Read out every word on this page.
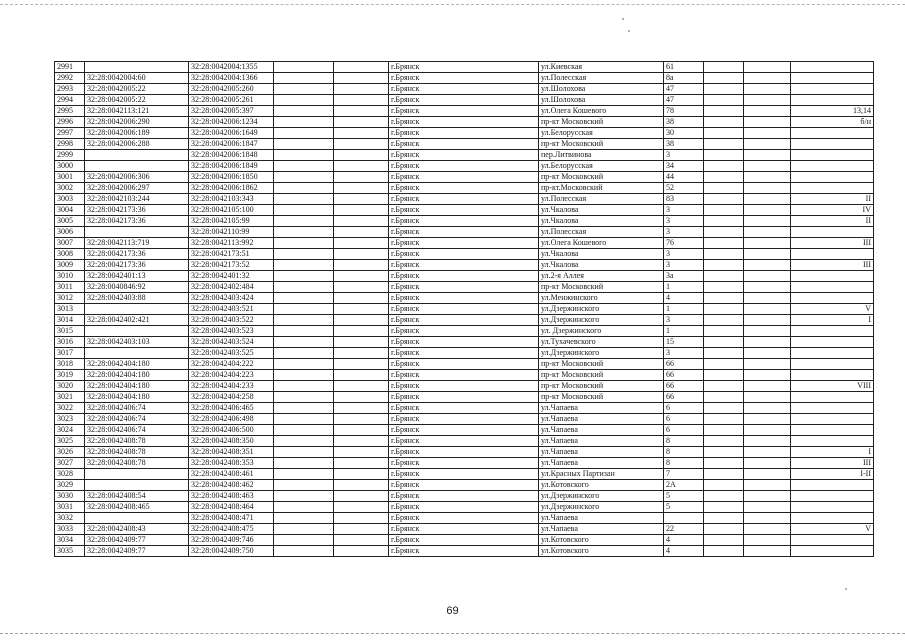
2991		32:28:0042004:1355			г.Брянск	ул.Киевская	61			
2992	32:28:0042004:60	32:28:0042004:1366			г.Брянск	ул.Полесская	8а			
2993	32:28:0042005:22	32:28:0042005:260			г.Брянск	ул.Шолохова	47			
2994	32:28:0042005:22	32:28:0042005:261			г.Брянск	ул.Шолохова	47			
2995	32:28:0042113:121	32:28:0042005:397			г.Брянск	ул.Олега Кошевого	78			13,14
2996	32:28:0042006:290	32:28:0042006:1234			г.Брянск	пр-кт Московский	38			б/н
2997	32:28:0042006:189	32:28:0042006:1649			г.Брянск	ул.Белорусская	30			
2998	32:28:0042006:288	32:28:0042006:1847			г.Брянск	пр-кт Московский	38			
2999		32:28:0042006:1848			г.Брянск	пер.Литвинова	3			
3000		32:28:0042006:1849			г.Брянск	ул.Белорусская	34			
3001	32:28:0042006:306	32:28:0042006:1850			г.Брянск	пр-кт Московский	44			
3002	32:28:0042006:297	32:28:0042006:1862			г.Брянск	пр-кт.Московский	52			
3003	32:28:0042103:244	32:28:0042103:343			г.Брянск	ул.Полесская	83			II
3004	32:28:0042173:36	32:28:0042105:100			г.Брянск	ул.Чкалова	3			IV
3005	32:28:0042173:36	32:28:0042105:99			г.Брянск	ул.Чкалова	3			II
3006		32:28:0042110:99			г.Брянск	ул.Полесская	3			
3007	32:28:0042113:719	32:28:0042113:992			г.Брянск	ул.Олега Кошевого	76			III
3008	32:28:0042173:36	32:28:0042173:51			г.Брянск	ул.Чкалова	3			
3009	32:28:0042173:36	32:28:0042173:52			г.Брянск	ул.Чкалова	3			III
3010	32:28:0042401:13	32:28:0042401:32			г.Брянск	ул.2-я Аллея	3а			
3011	32:28:0040846:92	32:28:0042402:484			г.Брянск	пр-кт Московский	1			
3012	32:28:0042403:88	32:28:0042403:424			г.Брянск	ул.Менжинского	4			
3013		32:28:0042403:521			г.Брянск	ул.Дзержинского	1			V
3014	32:28:0042402:421	32:28:0042403:522			г.Брянск	ул.Дзержинского	3			I
3015		32:28:0042403:523			г.Брянск	ул. Дзержинского	1			
3016	32:28:0042403:103	32:28:0042403:524			г.Брянск	ул.Тухачевского	15			
3017		32:28:0042403:525			г.Брянск	ул.Дзержинского	3			
3018	32:28:0042404:180	32:28:0042404:222			г.Брянск	пр-кт Московский	66			
3019	32:28:0042404:180	32:28:0042404:223			г.Брянск	пр-кт Московский	66			
3020	32:28:0042404:180	32:28:0042404:233			г.Брянск	пр-кт Московский	66			VIII
3021	32:28:0042404:180	32:28:0042404:258			г.Брянск	пр-кт Московский	66			
3022	32:28:0042406:74	32:28:0042406:465			г.Брянск	ул.Чапаева	6			
3023	32:28:0042406:74	32:28:0042406:498			г.Брянск	ул.Чапаева	6			
3024	32:28:0042406:74	32:28:0042406:500			г.Брянск	ул.Чапаева	6			
3025	32:28:0042408:78	32:28:0042408:350			г.Брянск	ул.Чапаева	8			
3026	32:28:0042408:78	32:28:0042408:351			г.Брянск	ул.Чапаева	8			I
3027	32:28:0042408:78	32:28:0042408:353			г.Брянск	ул.Чапаева	8			III
3028		32:28:0042408:461			г.Брянск	ул.Красных Партизан	7			I-II
3029		32:28:0042408:462			г.Брянск	ул.Котовского	2А			
3030	32:28:0042408:54	32:28:0042408:463			г.Брянск	ул.Дзержинского	5			
3031	32:28:0042408:465	32:28:0042408:464			г.Брянск	ул.Дзержинского	5			
3032		32:28:0042408:471			г.Брянск	ул.Чапаева				
3033	32:28:0042408:43	32:28:0042408:475			г.Брянск	ул.Чапаева	22			V
3034	32:28:0042409:77	32:28:0042409:746			г.Брянск	ул.Котовского	4			
3035	32:28:0042409:77	32:28:0042409:750			г.Брянск	ул.Котовского	4			
69
